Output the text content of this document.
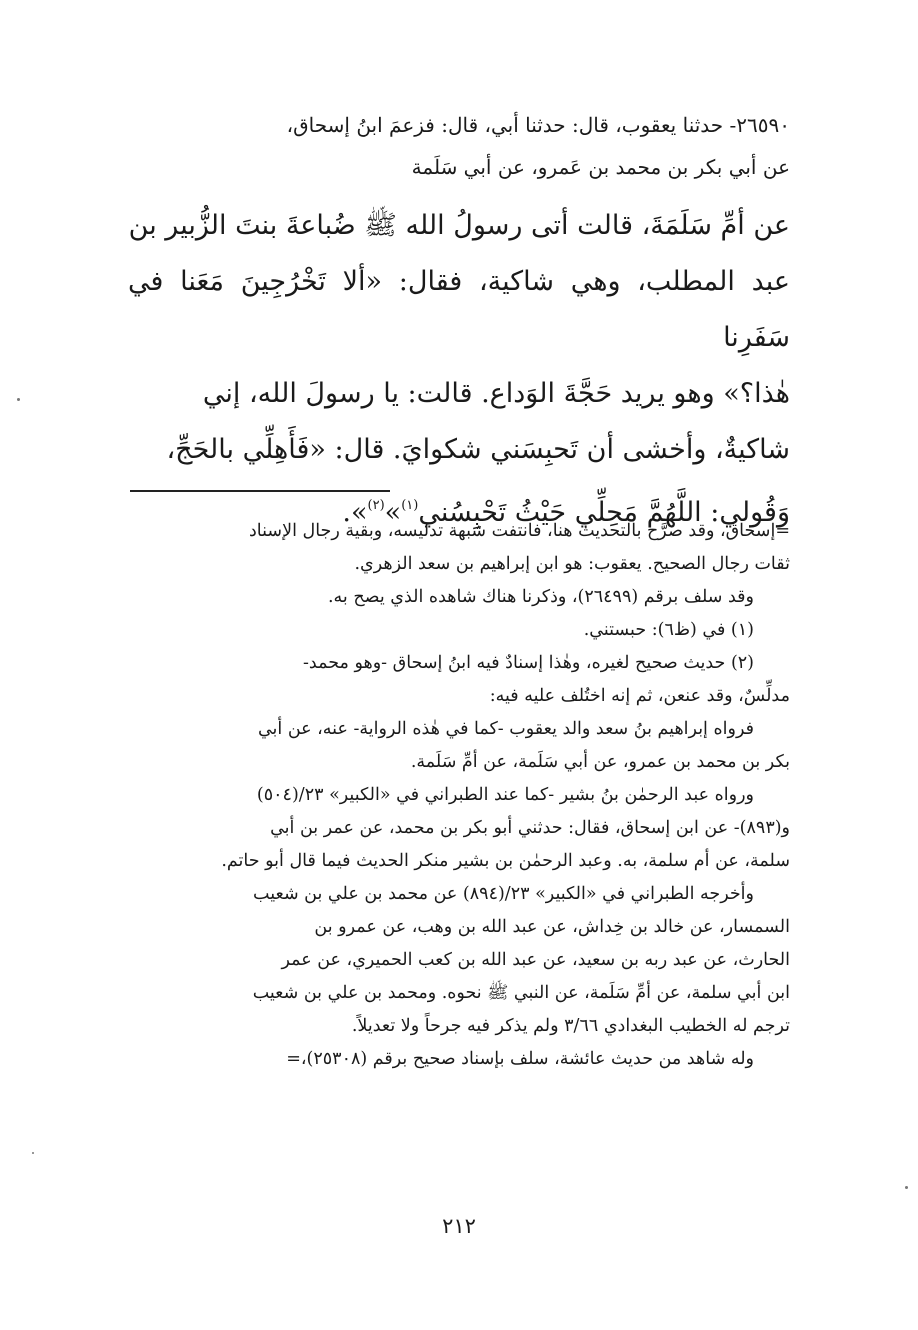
٢٦٥٩٠- حدثنا يعقوب، قال: حدثنا أبي، قال: فزعمَ ابنُ إسحاق،
عن أبي بكر بن محمد بن عَمرو، عن أبي سَلَمة
عن أمِّ سَلَمَةَ، قالت أتى رسولُ الله ﷺ ضُباعةَ بنتَ الزُّبير بن
عبد المطلب، وهي شاكية، فقال: «ألا تَخْرُجِينَ مَعَنا في سَفَرِنا
هٰذا؟» وهو يريد حَجَّةَ الوَداع. قالت: يا رسولَ الله، إني
شاكيةٌ، وأخشى أن تَحبِسَني شكوايَ. قال: «فَأَهِلِّي بالحَجِّ،
وَقُولي: اللَّهُمَّ مَحِلِّي حَيْثُ تَحْبِسُني$^{(١)}$»$^{(٢)}$».

=إسحاق، وقد صرَّح بالتحديث هنا، فانتفت شبهة تدليسه، وبقية رجال الإسناد
ثقات رجال الصحيح. يعقوب: هو ابن إبراهيم بن سعد الزهري.

وقد سلف برقم (٢٦٤٩٩)، وذكرنا هناك شاهده الذي يصح به.

(١) في (ظ٦): حبستني.

(٢) حديث صحيح لغيره، وهٰذا إسنادٌ فيه ابنُ إسحاق -وهو محمد-
مدلِّسٌ، وقد عنعن، ثم إنه اختُلف عليه فيه:

فرواه إبراهيم بنُ سعد والد يعقوب -كما في هٰذه الرواية- عنه، عن أبي
بكر بن محمد بن عمرو، عن أبي سَلَمة، عن أمِّ سَلَمة.

ورواه عبد الرحمٰن بنُ بشير -كما عند الطبراني في «الكبير» ٢٣/(٥٠٤)
و(٨٩٣)- عن ابن إسحاق، فقال: حدثني أبو بكر بن محمد، عن عمر بن أبي
سلمة، عن أم سلمة، به. وعبد الرحمٰن بن بشير منكر الحديث فيما قال أبو حاتم.

وأخرجه الطبراني في «الكبير» ٢٣/(٨٩٤) عن محمد بن علي بن شعيب
السمسار، عن خالد بن خِداش، عن عبد الله بن وهب، عن عمرو بن
الحارث، عن عبد ربه بن سعيد، عن عبد الله بن كعب الحميري، عن عمر
ابن أبي سلمة، عن أمِّ سَلَمة، عن النبي ﷺ نحوه. ومحمد بن علي بن شعيب
ترجم له الخطيب البغدادي ٣/٦٦ ولم يذكر فيه جرحاً ولا تعديلاً.

وله شاهد من حديث عائشة، سلف بإسناد صحيح برقم (٢٥٣٠٨)،=

٢١٢
